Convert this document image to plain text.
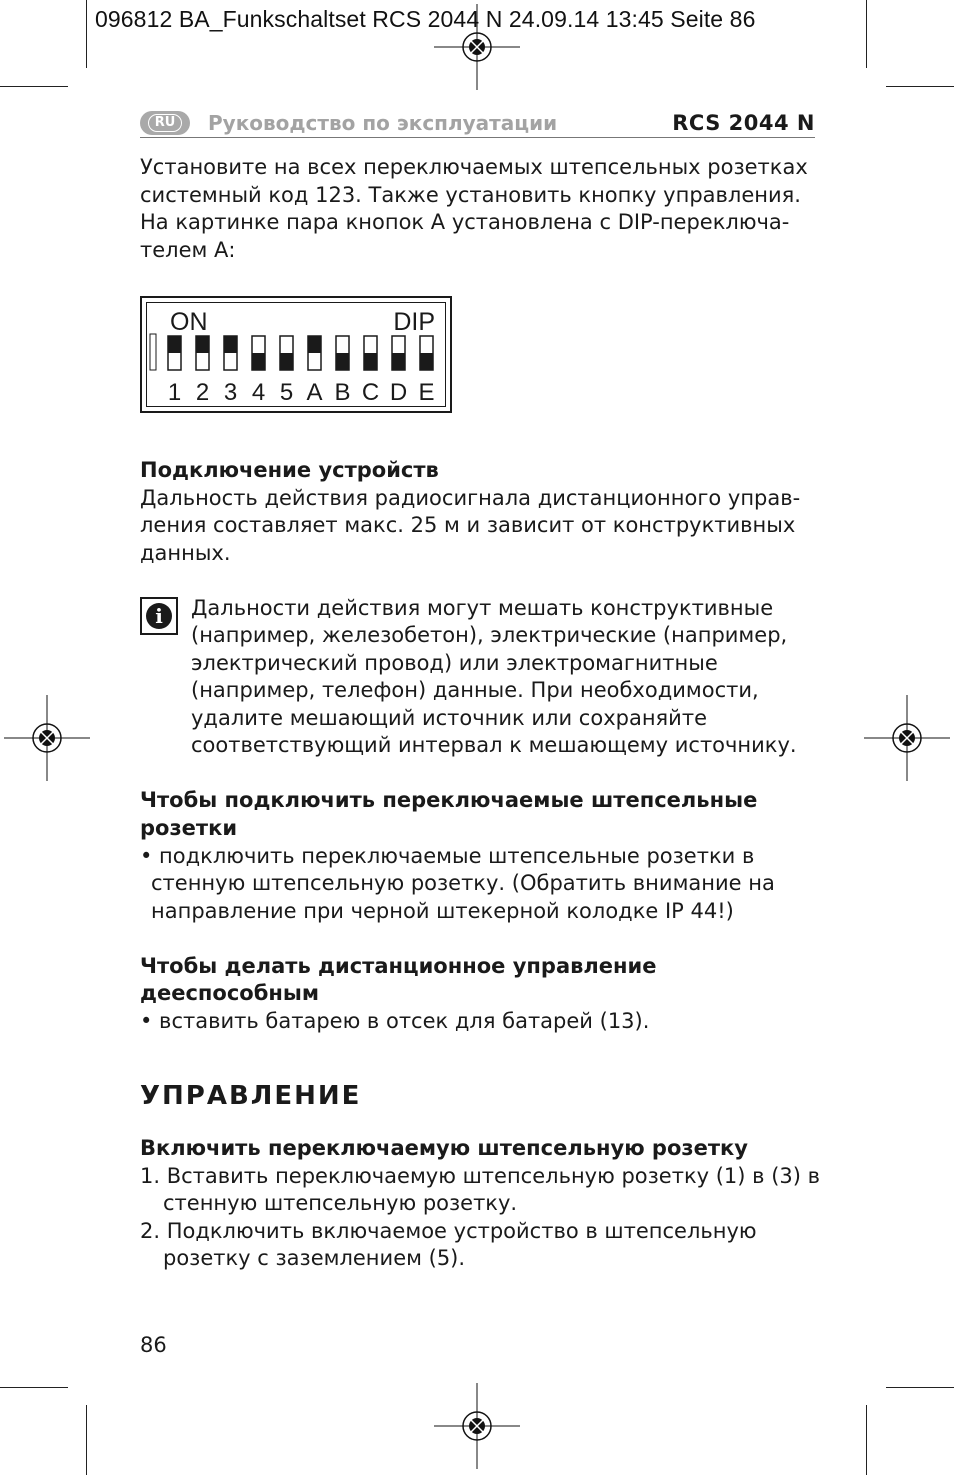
096812 BA_Funkschaltset RCS 2044 N 24.09.14 13:45 Seite 86
RU	Руководство по эксплуатации	RCS 2044 N
Установите на всех переключаемых штепсельных розетках
системный код 123. Также установить кнопку управления.
На картинке пара кнопок А установлена с DIP-переключа-
телем А:
ON	DIP
1 2 3 4 5 A B C D E
Подключение устройств
Дальность действия радиосигнала дистанционного управ-
ления составляет макс. 25 м и зависит от конструктивных
данных.
i	Дальности действия могут мешать конструктивные
(например, железобетон), электрические (например,
электрический провод) или электромагнитные
(например, телефон) данные. При необходимости,
удалите мешающий источник или сохраняйте
соответствующий интервал к мешающему источнику.
Чтобы подключить переключаемые штепсельные
розетки
• подключить переключаемые штепсельные розетки в
стенную штепсельную розетку. (Обратить внимание на
направление при черной штекерной колодке IP 44!)
Чтобы делать дистанционное управление
дееспособным
• вставить батарею в отсек для батарей (13).
УПРАВЛЕНИЕ
Включить переключаемую штепсельную розетку
1. Вставить переключаемую штепсельную розетку (1) в (3) в
стенную штепсельную розетку.
2. Подключить включаемое устройство в штепсельную
розетку с заземлением (5).
86
